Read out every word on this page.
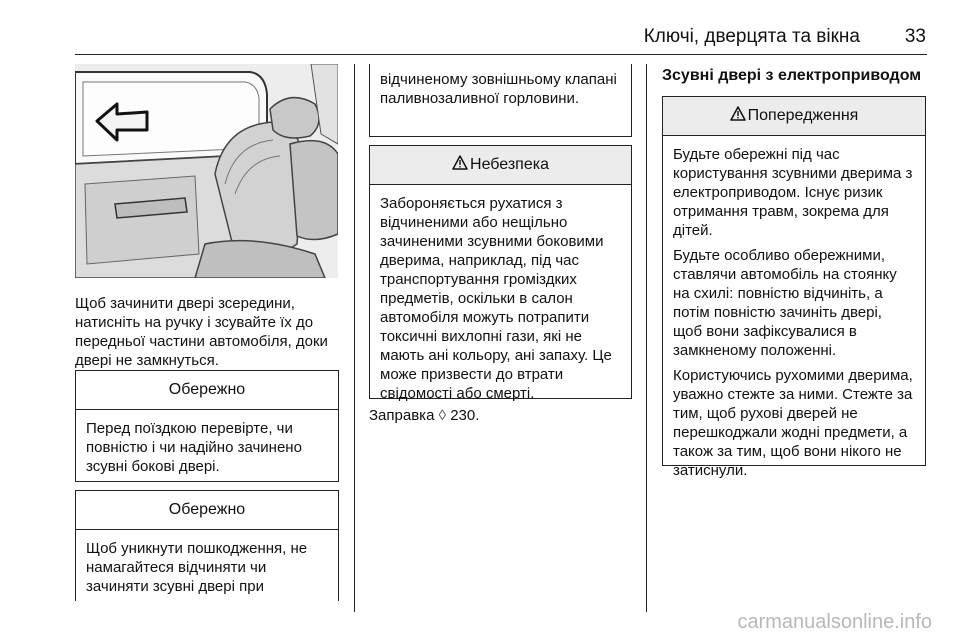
Ключі, дверцята та вікна 33

Щоб зачинити двері зсередини, натисніть на ручку і зсувайте їх до передньої частини автомобіля, доки двері не замкнуться.

Обережно
Перед поїздкою перевірте, чи повністю і чи надійно зачинено зсувні бокові двері.
Обережно
Щоб уникнути пошкодження, не намагайтеся відчиняти чи зачиняти зсувні двері при
відчиненому зовнішньому клапані паливнозаливної горловини.
Небезпека
Забороняється рухатися з відчиненими або нещільно зачиненими зсувними боковими дверима, наприклад, під час транспортування громіздких предметів, оскільки в салон автомобіля можуть потрапити токсичні вихлопні гази, які не мають ані кольору, ані запаху. Це може призвести до втрати свідомості або смерті.
Заправка ◊ 230.
Зсувні двері з електроприводом
Попередження

Будьте обережні під час користування зсувними дверима з електроприводом. Існує ризик отримання травм, зокрема для дітей.

Будьте особливо обережними, ставлячи автомобіль на стоянку на схилі: повністю відчиніть, а потім повністю зачиніть двері, щоб вони зафіксувалися в замкненому положенні.

Користуючись рухомими дверима, уважно стежте за ними. Стежте за тим, щоб рухові дверей не перешкоджали жодні предмети, а також за тим, щоб вони нікого не затиснули.

carmanualsonline.info
